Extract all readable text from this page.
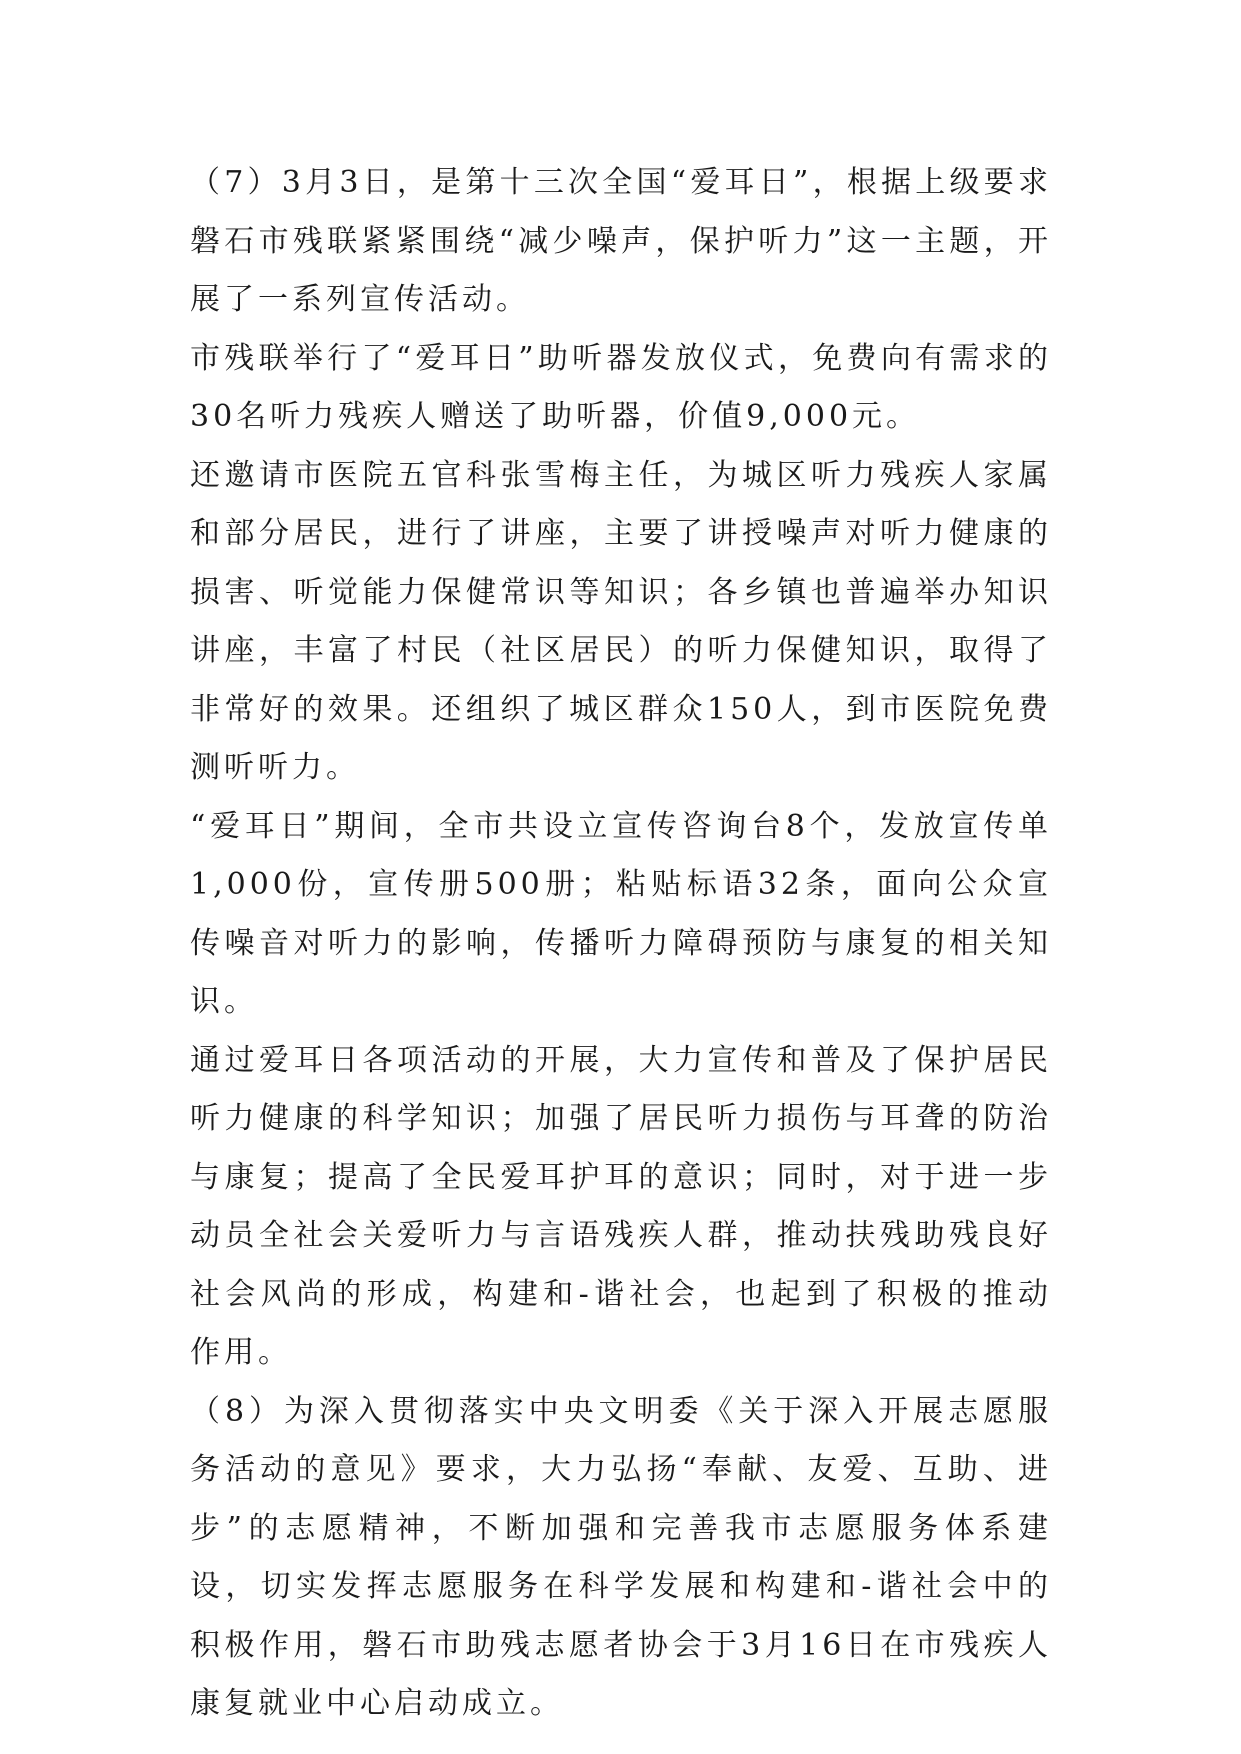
（7）3月3日，是第十三次全国“爱耳日”，根据上级要求磐石市残联紧紧围绕“减少噪声，保护听力”这一主题，开展了一系列宣传活动。

市残联举行了“爱耳日”助听器发放仪式，免费向有需求的30名听力残疾人赠送了助听器，价值9,000元。

还邀请市医院五官科张雪梅主任，为城区听力残疾人家属和部分居民，进行了讲座，主要了讲授噪声对听力健康的损害、听觉能力保健常识等知识；各乡镇也普遍举办知识讲座，丰富了村民（社区居民）的听力保健知识，取得了非常好的效果。还组织了城区群众150人，到市医院免费测听听力。

“爱耳日”期间，全市共设立宣传咨询台8个，发放宣传单1,000份，宣传册500册；粘贴标语32条，面向公众宣传噪音对听力的影响，传播听力障碍预防与康复的相关知识。

通过爱耳日各项活动的开展，大力宣传和普及了保护居民听力健康的科学知识；加强了居民听力损伤与耳聋的防治与康复；提高了全民爱耳护耳的意识；同时，对于进一步动员全社会关爱听力与言语残疾人群，推动扶残助残良好社会风尚的形成，构建和-谐社会，也起到了积极的推动作用。

（8）为深入贯彻落实中央文明委《关于深入开展志愿服务活动的意见》要求，大力弘扬“奉献、友爱、互助、进步”的志愿精神，不断加强和完善我市志愿服务体系建设，切实发挥志愿服务在科学发展和构建和-谐社会中的积极作用，磐石市助残志愿者协会于3月16日在市残疾人康复就业中心启动成立。
